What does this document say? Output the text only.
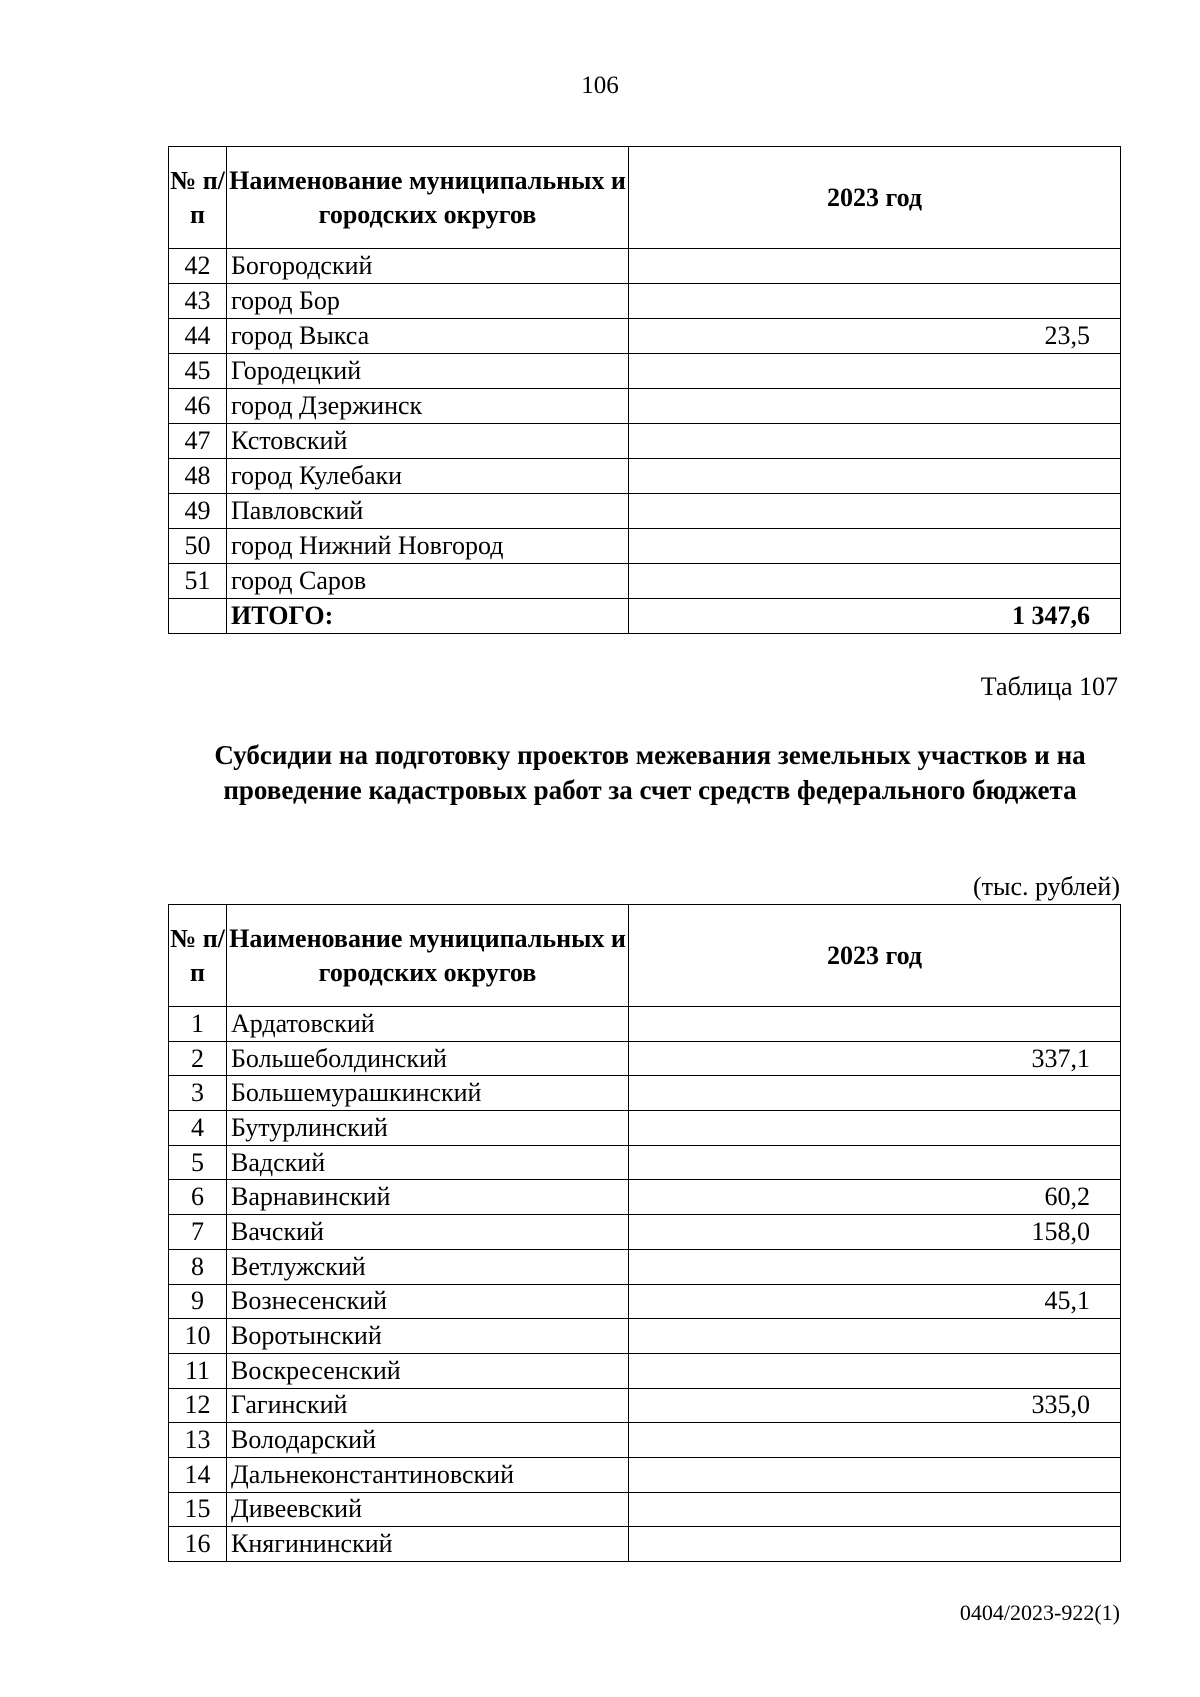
106
№ п/п	Наименование муниципальных и городских округов	2023 год
42	Богородский	
43	город Бор	
44	город Выкса	23,5
45	Городецкий	
46	город Дзержинск	
47	Кстовский	
48	город Кулебаки	
49	Павловский	
50	город Нижний Новгород	
51	город Саров	
	ИТОГО:	1 347,6
Таблица 107
Субсидии на подготовку проектов межевания земельных участков и на проведение кадастровых работ за счет средств федерального бюджета
(тыс. рублей)
№ п/п	Наименование муниципальных и городских округов	2023 год
1	Ардатовский	
2	Большеболдинский	337,1
3	Большемурашкинский	
4	Бутурлинский	
5	Вадский	
6	Варнавинский	60,2
7	Вачский	158,0
8	Ветлужский	
9	Вознесенский	45,1
10	Воротынский	
11	Воскресенский	
12	Гагинский	335,0
13	Володарский	
14	Дальнеконстантиновский	
15	Дивеевский	
16	Княгининский	
0404/2023-922(1)
